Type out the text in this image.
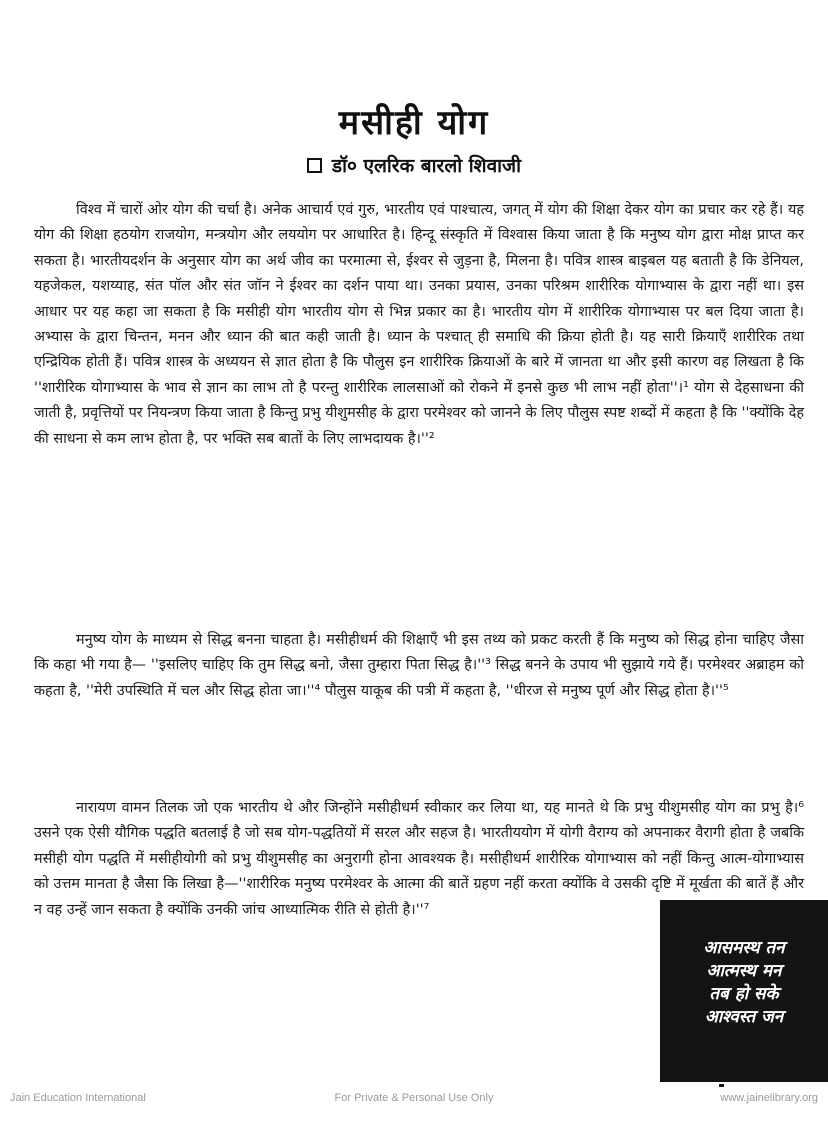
मसीही योग
डॉ० एलरिक बारलो शिवाजी

विश्व में चारों ओर योग की चर्चा है। अनेक आचार्य एवं गुरु, भारतीय एवं पाश्चात्य, जगत् में योग की शिक्षा देकर योग का प्रचार कर रहे हैं। यह योग की शिक्षा हठयोग राजयोग, मन्त्रयोग और लययोग पर आधारित है। हिन्दू संस्कृति में विश्वास किया जाता है कि मनुष्य योग द्वारा मोक्ष प्राप्त कर सकता है। भारतीयदर्शन के अनुसार योग का अर्थ जीव का परमात्मा से, ईश्वर से जुड़ना है, मिलना है। पवित्र शास्त्र बाइबल यह बताती है कि डेनियल, यहजेकल, यशय्याह, संत पॉल और संत जॉन ने ईश्वर का दर्शन पाया था। उनका प्रयास, उनका परिश्रम शारीरिक योगाभ्यास के द्वारा नहीं था। इस आधार पर यह कहा जा सकता है कि मसीही योग भारतीय योग से भिन्न प्रकार का है। भारतीय योग में शारीरिक योगाभ्यास पर बल दिया जाता है। अभ्यास के द्वारा चिन्तन, मनन और ध्यान की बात कही जाती है। ध्यान के पश्चात् ही समाधि की क्रिया होती है। यह सारी क्रियाएँ शारीरिक तथा एन्द्रियिक होती हैं। पवित्र शास्त्र के अध्ययन से ज्ञात होता है कि पौलुस इन शारीरिक क्रियाओं के बारे में जानता था और इसी कारण वह लिखता है कि ''शारीरिक योगाभ्यास के भाव से ज्ञान का लाभ तो है परन्तु शारीरिक लालसाओं को रोकने में इनसे कुछ भी लाभ नहीं होता''।¹ योग से देहसाधना की जाती है, प्रवृत्तियों पर नियन्त्रण किया जाता है किन्तु प्रभु यीशुमसीह के द्वारा परमेश्वर को जानने के लिए पौलुस स्पष्ट शब्दों में कहता है कि ''क्योंकि देह की साधना से कम लाभ होता है, पर भक्ति सब बातों के लिए लाभदायक है।''²

मनुष्य योग के माध्यम से सिद्ध बनना चाहता है। मसीहीधर्म की शिक्षाएँ भी इस तथ्य को प्रकट करती हैं कि मनुष्य को सिद्ध होना चाहिए जैसा कि कहा भी गया है— ''इसलिए चाहिए कि तुम सिद्ध बनो, जैसा तुम्हारा पिता सिद्ध है।''³ सिद्ध बनने के उपाय भी सुझाये गये हैं। परमेश्वर अब्राहम को कहता है, ''मेरी उपस्थिति में चल और सिद्ध होता जा।''⁴ पौलुस याकूब की पत्री में कहता है, ''धीरज से मनुष्य पूर्ण और सिद्ध होता है।''⁵

नारायण वामन तिलक जो एक भारतीय थे और जिन्होंने मसीहीधर्म स्वीकार कर लिया था, यह मानते थे कि प्रभु यीशुमसीह योग का प्रभु है।⁶ उसने एक ऐसी यौगिक पद्धति बतलाई है जो सब योग-पद्धतियों में सरल और सहज है। भारतीययोग में योगी वैराग्य को अपनाकर वैरागी होता है जबकि मसीही योग पद्धति में मसीहीयोगी को प्रभु यीशुमसीह का अनुरागी होना आवश्यक है। मसीहीधर्म शारीरिक योगाभ्यास को नहीं किन्तु आत्म-योगाभ्यास को उत्तम मानता है जैसा कि लिखा है—''शारीरिक मनुष्य परमेश्वर के आत्मा की बातें ग्रहण नहीं करता क्योंकि वे उसकी दृष्टि में मूर्खता की बातें हैं और न वह उन्हें जान सकता है क्योंकि उनकी जांच आध्यात्मिक रीति से होती है।''⁷

आसमस्थ तन
आत्मस्थ मन
तब हो सके
आश्वस्त जन
Jain Education International	For Private & Personal Use Only	www.jainelibrary.org
